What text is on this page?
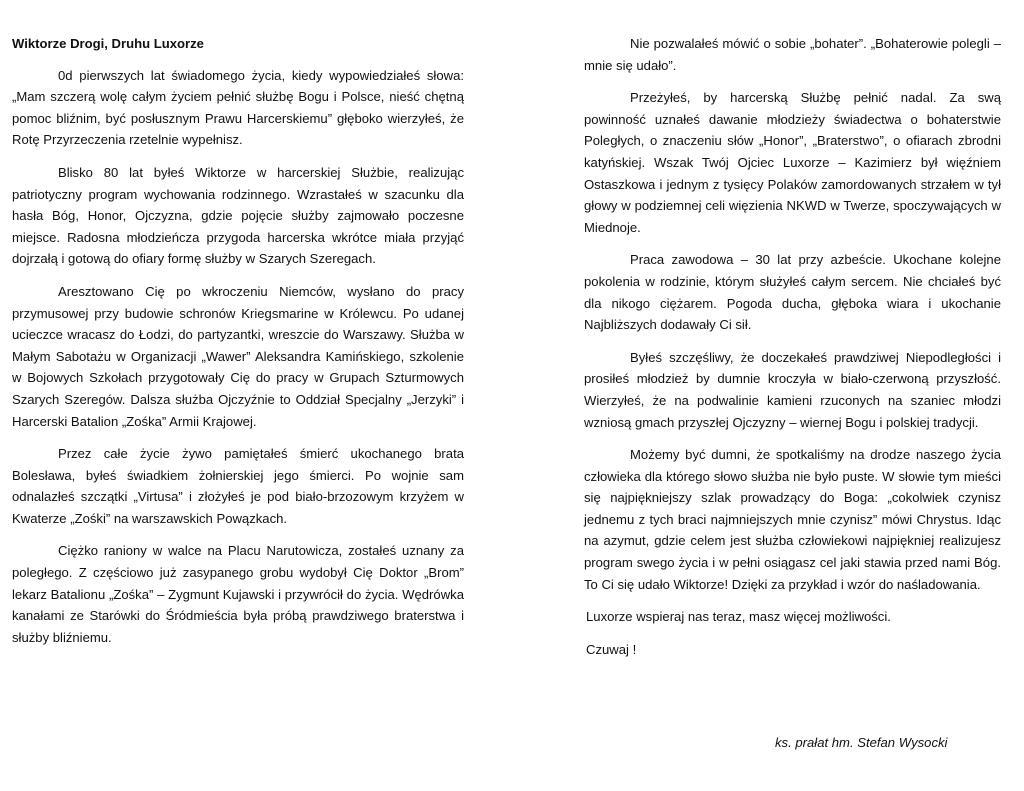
Wiktorze Drogi, Druhu Luxorze

0d pierwszych lat świadomego życia, kiedy wypowiedziałeś słowa: „Mam szczerą wolę całym życiem pełnić służbę Bogu i Polsce, nieść chętną pomoc bliźnim, być posłusznym Prawu Harcerskiemu” głęboko wierzyłeś, że Rotę Przyrzeczenia rzetelnie wypełnisz.

Blisko 80 lat byłeś Wiktorze w harcerskiej Służbie, realizując patriotyczny program wychowania rodzinnego. Wzrastałeś w szacunku dla hasła Bóg, Honor, Ojczyzna, gdzie pojęcie służby zajmowało poczesne miejsce. Radosna młodzieńcza przygoda harcerska wkrótce miała przyjąć dojrzałą i gotową do ofiary formę służby w Szarych Szeregach.

Aresztowano Cię po wkroczeniu Niemców, wysłano do pracy przymusowej przy budowie schronów Kriegsmarine w Królewcu. Po udanej ucieczce wracasz do Łodzi, do partyzantki, wreszcie do Warszawy. Służba w Małym Sabotażu w Organizacji „Wawer” Aleksandra Kamińskiego, szkolenie w Bojowych Szkołach przygotowały Cię do pracy w Grupach Szturmowych Szarych Szeregów. Dalsza służba Ojczyźnie to Oddział Specjalny „Jerzyki” i Harcerski Batalion „Zośka” Armii Krajowej.

Przez całe życie żywo pamiętałeś śmierć ukochanego brata Bolesława, byłeś świadkiem żołnierskiej jego śmierci. Po wojnie sam odnalazłeś szczątki „Virtusa” i złożyłeś je pod biało-brzozowym krzyżem w Kwaterze „Zośki” na warszawskich Powązkach.

Ciężko raniony w walce na Placu Narutowicza, zostałeś uznany za poległego. Z częściowo już zasypanego grobu wydobył Cię Doktor „Brom” lekarz Batalionu „Zośka” – Zygmunt Kujawski i przywrócił do życia. Wędrówka kanałami ze Starówki do Śródmieścia była próbą prawdziwego braterstwa i służby bliźniemu.

Nie pozwalałeś mówić o sobie „bohater”. „Bohaterowie polegli – mnie się udało”.

Przeżyłeś, by harcerską Służbę pełnić nadal. Za swą powinność uznałeś dawanie młodzieży świadectwa o bohaterstwie Poległych, o znaczeniu słów „Honor”, „Braterstwo”, o ofiarach zbrodni katyńskiej. Wszak Twój Ojciec Luxorze – Kazimierz był więźniem Ostaszkowa i jednym z tysięcy Polaków zamordowanych strzałem w tył głowy w podziemnej celi więzienia NKWD w Twerze, spoczywających w Miednoje.

Praca zawodowa – 30 lat przy azbeście. Ukochane kolejne pokolenia w rodzinie, którym służyłeś całym sercem. Nie chciałeś być dla nikogo ciężarem. Pogoda ducha, głęboka wiara i ukochanie Najbliższych dodawały Ci sił.

Byłeś szczęśliwy, że doczekałeś prawdziwej Niepodległości i prosiłeś młodzież by dumnie kroczyła w biało-czerwoną przyszłość. Wierzyłeś, że na podwalinie kamieni rzuconych na szaniec młodzi wzniosą gmach przyszłej Ojczyzny – wiernej Bogu i polskiej tradycji.

Możemy być dumni, że spotkaliśmy na drodze naszego życia człowieka dla którego słowo służba nie było puste. W słowie tym mieści się najpiękniejszy szlak prowadzący do Boga: „cokolwiek czynisz jednemu z tych braci najmniejszych mnie czynisz” mówi Chrystus. Idąc na azymut, gdzie celem jest służba człowiekowi najpiękniej realizujesz program swego życia i w pełni osiągasz cel jaki stawia przed nami Bóg. To Ci się udało Wiktorze! Dzięki za przykład i wzór do naśladowania.

Luxorze wspieraj nas teraz, masz więcej możliwości.

Czuwaj !

ks. prałat hm. Stefan Wysocki
